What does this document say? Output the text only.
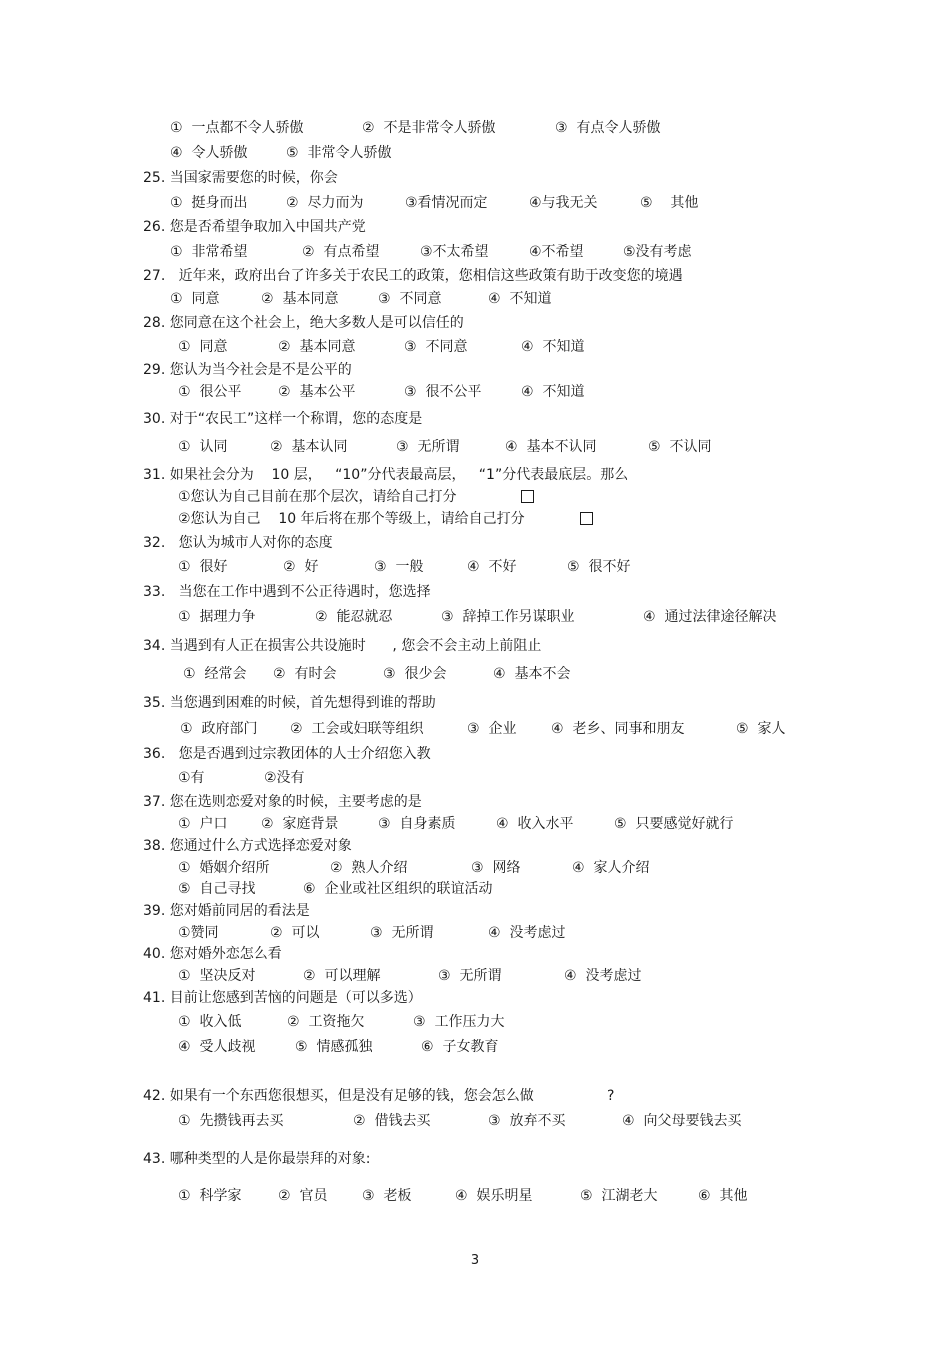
①  一点都不令人骄傲	②  不是非常令人骄傲	③  有点令人骄傲
④  令人骄傲	⑤  非常令人骄傲
25. 当国家需要您的时候，你会
①  挺身而出	②  尽力而为	③看情况而定	④与我无关	⑤    其他
26. 您是否希望争取加入中国共产党
①  非常希望	②  有点希望	③不太希望	④不希望	⑤没有考虑
27.   近年来，政府出台了许多关于农民工的政策，您相信这些政策有助于改变您的境遇
①  同意	②  基本同意	③  不同意	④  不知道
28. 您同意在这个社会上，绝大多数人是可以信任的
①  同意	②  基本同意	③  不同意	④  不知道
29. 您认为当今社会是不是公平的
①  很公平	②  基本公平	③  很不公平	④  不知道
30. 对于“农民工”这样一个称谓，您的态度是
①  认同	②  基本认同	③  无所谓	④  基本不认同	⑤  不认同
31. 如果社会分为    10 层，   “10”分代表最高层，   “1”分代表最底层。那么
①您认为自己目前在那个层次，请给自己打分
②您认为自己    10 年后将在那个等级上，请给自己打分
32.   您认为城市人对你的态度
①  很好	②  好	③  一般	④  不好	⑤  很不好
33.   当您在工作中遇到不公正待遇时，您选择
①  据理力争	②  能忍就忍	③  辞掉工作另谋职业	④  通过法律途径解决
34. 当遇到有人正在损害公共设施时      , 您会不会主动上前阻止
①  经常会 ②  有时会	③  很少会	④  基本不会
35. 当您遇到困难的时候，首先想得到谁的帮助
①  政府部门 ②  工会或妇联等组织	③  企业 ④  老乡、同事和朋友	⑤  家人
36.   您是否遇到过宗教团体的人士介绍您入教
①有	②没有
37. 您在选则恋爱对象的时候，主要考虑的是
①  户口 ②  家庭背景	③  自身素质	④  收入水平	⑤  只要感觉好就行
38. 您通过什么方式选择恋爱对象
①  婚姻介绍所	②  熟人介绍	③  网络	④  家人介绍
⑤  自己寻找	⑥  企业或社区组织的联谊活动
39. 您对婚前同居的看法是
①赞同	②  可以	③  无所谓	④  没考虑过
40. 您对婚外恋怎么看
①  坚决反对	②  可以理解	③  无所谓	④  没考虑过
41. 目前让您感到苦恼的问题是（可以多选）
①  收入低	②  工资拖欠	③  工作压力大
④  受人歧视	⑤  情感孤独	⑥  子女教育
42. 如果有一个东西您很想买，但是没有足够的钱，您会怎么做	?
①  先攒钱再去买	②  借钱去买	③  放弃不买	④  向父母要钱去买
43. 哪种类型的人是你最崇拜的对象:
①  科学家	②  官员 ③  老板	④  娱乐明星	⑤  江湖老大	⑥  其他
3
